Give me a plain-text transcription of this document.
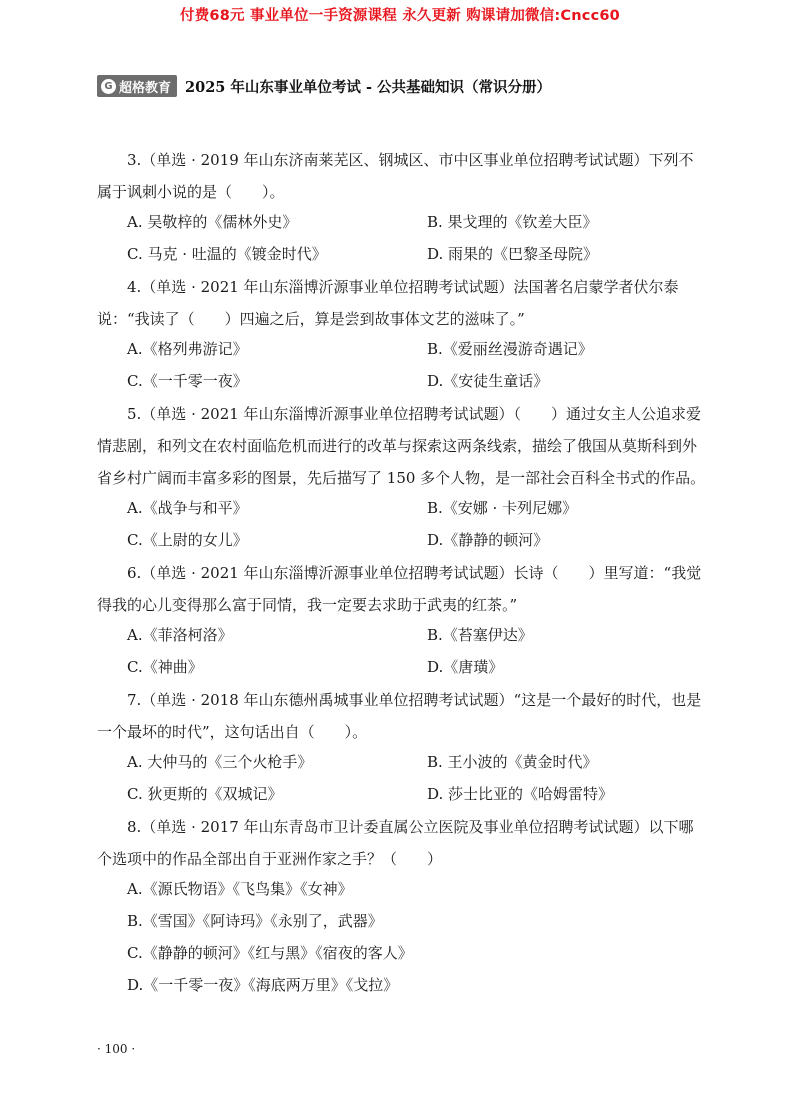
付费68元 事业单位一手资源课程 永久更新 购课请加微信:Cncc60
G 超格教育 2025 年山东事业单位考试 - 公共基础知识（常识分册）
3.（单选 · 2019 年山东济南莱芜区、钢城区、市中区事业单位招聘考试试题）下列不属于讽刺小说的是（　　）。
A. 吴敬梓的《儒林外史》	B. 果戈理的《钦差大臣》
C. 马克 · 吐温的《镀金时代》	D. 雨果的《巴黎圣母院》
4.（单选 · 2021 年山东淄博沂源事业单位招聘考试试题）法国著名启蒙学者伏尔泰说：“我读了（　　）四遍之后，算是尝到故事体文艺的滋味了。”
A.《格列弗游记》	B.《爱丽丝漫游奇遇记》
C.《一千零一夜》	D.《安徒生童话》
5.（单选 · 2021 年山东淄博沂源事业单位招聘考试试题）（　　）通过女主人公追求爱情悲剧，和列文在农村面临危机而进行的改革与探索这两条线索，描绘了俄国从莫斯科到外省乡村广阔而丰富多彩的图景，先后描写了 150 多个人物，是一部社会百科全书式的作品。
A.《战争与和平》	B.《安娜 · 卡列尼娜》
C.《上尉的女儿》	D.《静静的顿河》
6.（单选 · 2021 年山东淄博沂源事业单位招聘考试试题）长诗（　　）里写道：“我觉得我的心儿变得那么富于同情，我一定要去求助于武夷的红茶。”
A.《菲洛柯洛》	B.《苔塞伊达》
C.《神曲》	D.《唐璜》
7.（单选 · 2018 年山东德州禹城事业单位招聘考试试题）“这是一个最好的时代，也是一个最坏的时代”，这句话出自（　　）。
A. 大仲马的《三个火枪手》	B. 王小波的《黄金时代》
C. 狄更斯的《双城记》	D. 莎士比亚的《哈姆雷特》
8.（单选 · 2017 年山东青岛市卫计委直属公立医院及事业单位招聘考试试题）以下哪个选项中的作品全部出自于亚洲作家之手？（　　）
A.《源氏物语》《飞鸟集》《女神》
B.《雪国》《阿诗玛》《永别了，武器》
C.《静静的顿河》《红与黑》《宿夜的客人》
D.《一千零一夜》《海底两万里》《戈拉》
· 100 ·
